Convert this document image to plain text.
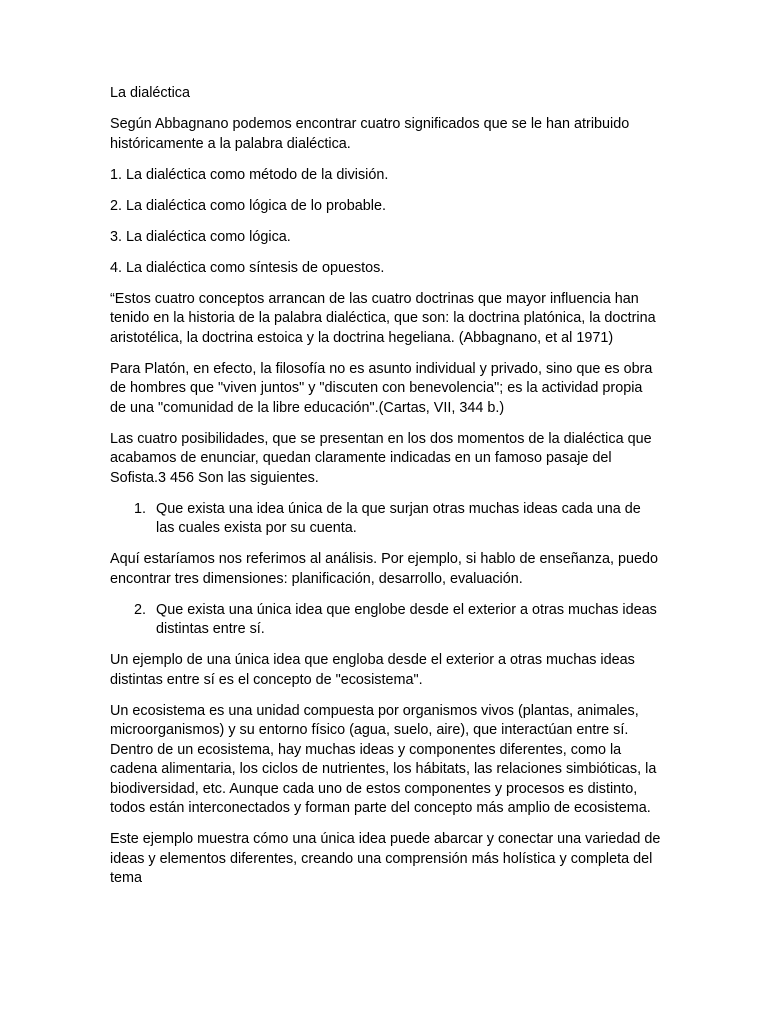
La dialéctica

Según Abbagnano podemos encontrar cuatro significados que se le han atribuido históricamente a la palabra dialéctica.

1. La dialéctica como método de la división.

2. La dialéctica como lógica de lo probable.

3. La dialéctica como lógica.

4. La dialéctica como síntesis de opuestos.

“Estos cuatro conceptos arrancan de las cuatro doctrinas que mayor influencia han tenido en la historia de la palabra dialéctica, que son: la doctrina platónica, la doctrina aristotélica, la doctrina estoica y la doctrina hegeliana. (Abbagnano, et al 1971)

Para Platón, en efecto, la filosofía no es asunto individual y privado, sino que es obra de hombres que "viven juntos" y "discuten con benevolencia"; es la actividad propia de una "comunidad de la libre educación".(Cartas, VII, 344 b.)

Las cuatro posibilidades, que se presentan en los dos momentos de la dialéctica que acabamos de enunciar, quedan claramente indicadas en un famoso pasaje del Sofista.3 456 Son las siguientes.

1. Que exista una idea única de la que surjan otras muchas ideas cada una de las cuales exista por su cuenta.

Aquí estaríamos nos referimos al análisis. Por ejemplo, si hablo de enseñanza, puedo encontrar tres dimensiones: planificación, desarrollo, evaluación.

2. Que exista una única idea que englobe desde el exterior a otras muchas ideas distintas entre sí.

Un ejemplo de una única idea que engloba desde el exterior a otras muchas ideas distintas entre sí es el concepto de "ecosistema".

Un ecosistema es una unidad compuesta por organismos vivos (plantas, animales, microorganismos) y su entorno físico (agua, suelo, aire), que interactúan entre sí. Dentro de un ecosistema, hay muchas ideas y componentes diferentes, como la cadena alimentaria, los ciclos de nutrientes, los hábitats, las relaciones simbióticas, la biodiversidad, etc. Aunque cada uno de estos componentes y procesos es distinto, todos están interconectados y forman parte del concepto más amplio de ecosistema.

Este ejemplo muestra cómo una única idea puede abarcar y conectar una variedad de ideas y elementos diferentes, creando una comprensión más holística y completa del tema
